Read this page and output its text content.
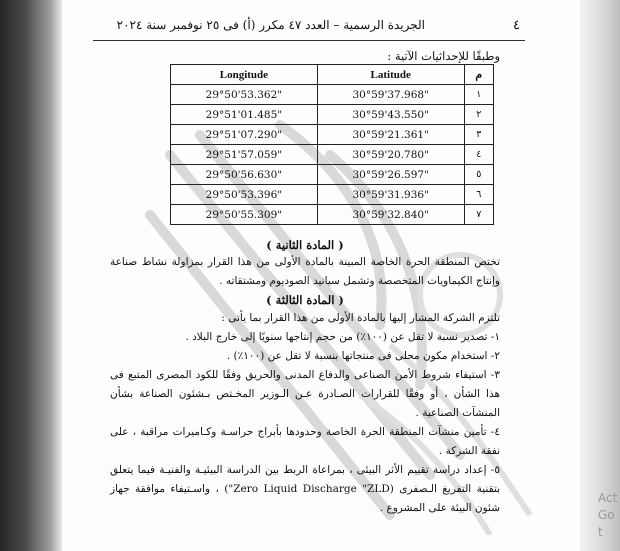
٤
الجريدة الرسمية – العدد ٤٧ مكرر (أ) فى ٢٥ نوفمبر سنة ٢٠٢٤
وطبقًا للإحداثيات الآتية :
Longitude	Latitude	م
29°50'53.362"	30°59'37.968"	١
29°51'01.485"	30°59'43.550"	٢
29°51'07.290"	30°59'21.361"	٣
29°51'57.059"	30°59'20.780"	٤
29°50'56.630"	30°59'26.597"	٥
29°50'53.396"	30°59'31.936"	٦
29°50'55.309"	30°59'32.840"	٧
( المادة الثانية )

تختص المنطقة الحرة الخاصة المبينة بالمادة الأولى من هذا القرار بمزاولة نشاط صناعة وإنتاج الكيماويات المتخصصة وتشمل سيانيد الصوديوم ومشتقاته .

( المادة الثالثة )

تلتزم الشركة المشار إليها بالمادة الأولى من هذا القرار بما يأتى :

١- تصدير نسبة لا تقل عن (١٠٠٪) من حجم إنتاجها سنويًا إلى خارج البلاد .

٢- استخدام مكون محلى فى منتجاتها بنسبة لا تقل عن (١٠٠٪) .

٣- استيفاء شروط الأمن الصناعى والدفاع المدنى والحريق وفقًا للكود المصرى المتبع فى هذا الشأن ، أو وفقًا للقرارات الصـادرة عـن الـوزير المخـتص بـشئون الصناعة بشأن المنشآت الصناعية .

٤- تأمين منشآت المنطقة الحرة الخاصة وحدودها بأبراج حراسـة وكـاميرات مراقبة ، على نفقة الشركة .

٥- إعداد دراسة تقييم الأثر البيئى ، بمراعاة الربط بين الدراسة البيئيـة والفنيـة فيما يتعلق بتقنية التفريغ الـصفرى (Zero Liquid Discharge "ZLD") ، واسـتيفاء موافقة جهاز شئون البيئة على المشروع .

Act
Go t
